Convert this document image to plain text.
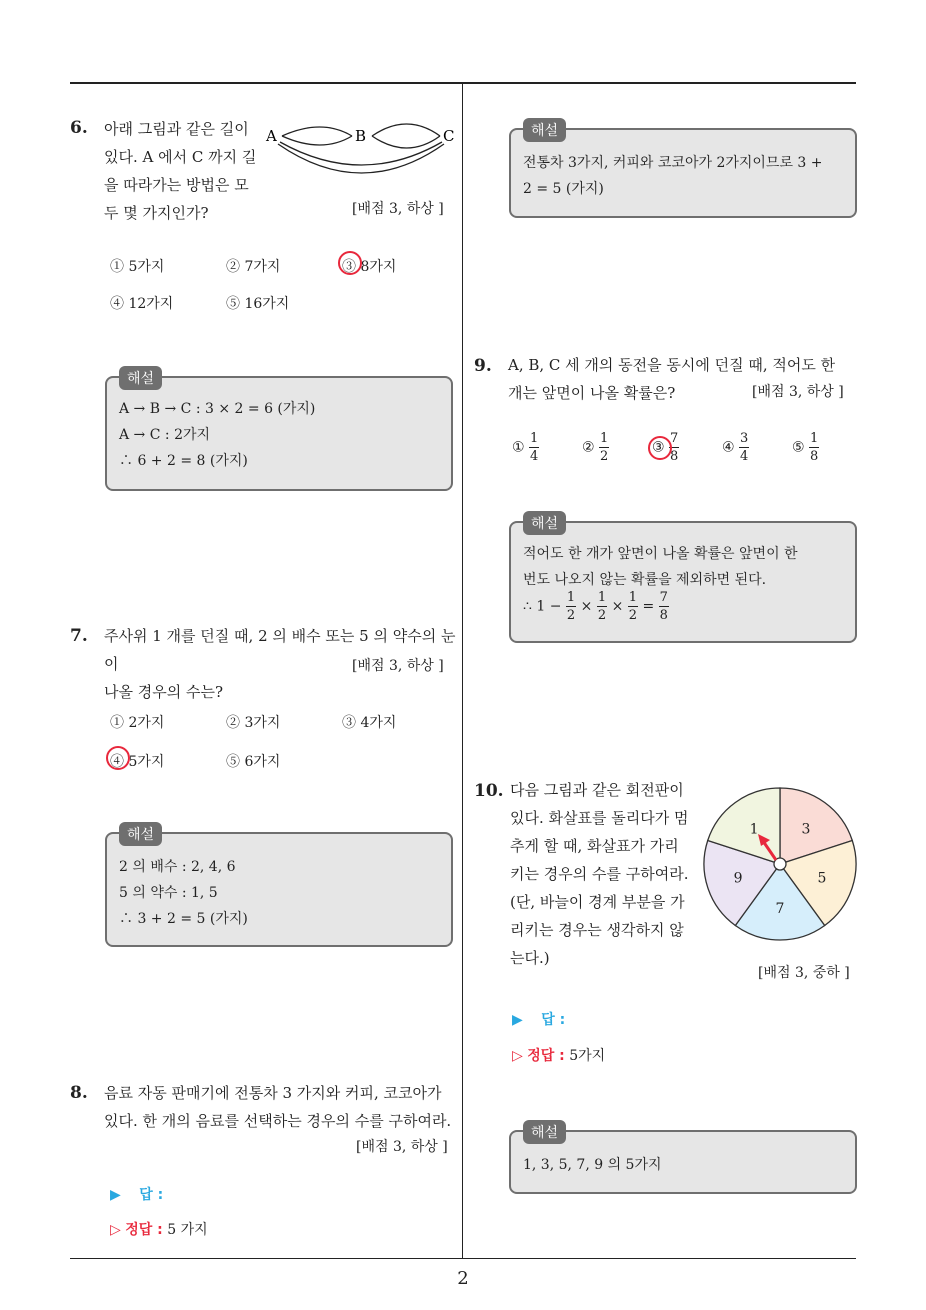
2
6. 아래 그림과 같은 길이
있다. A 에서 C 까지 길
을 따라가는 방법은 모
두 몇 가지인가?
A	B	C
[배점 3, 하상 ]
① 5가지	② 7가지	③ 8가지
④ 12가지	⑤ 16가지
해설
A → B → C : 3 × 2 = 6 (가지)
A → C : 2가지
∴ 6 + 2 = 8 (가지)
7. 주사위 1 개를 던질 때, 2 의 배수 또는 5 의 약수의 눈이
나올 경우의 수는?
[배점 3, 하상 ]
① 2가지	② 3가지	③ 4가지
④ 5가지	⑤ 6가지
해설
2 의 배수 : 2, 4, 6
5 의 약수 : 1, 5
∴ 3 + 2 = 5 (가지)
8. 음료 자동 판매기에 전통차 3 가지와 커피, 코코아가
있다. 한 개의 음료를 선택하는 경우의 수를 구하여라.
[배점 3, 하상 ]
▶ 답 :
▷ 정답 : 5 가지
해설
전통차 3가지, 커피와 코코아가 2가지이므로 3 +
2 = 5 (가지)
9. A, B, C 세 개의 동전을 동시에 던질 때, 적어도 한
개는 앞면이 나올 확률은?	[배점 3, 하상 ]
① $\frac{1}{4}$	② $\frac{1}{2}$	③ $\frac{7}{8}$	④ $\frac{3}{4}$	⑤ $\frac{1}{8}$
해설
적어도 한 개가 앞면이 나올 확률은 앞면이 한
번도 나오지 않는 확률을 제외하면 된다.
∴ $1 - \frac{1}{2} \times \frac{1}{2} \times \frac{1}{2} = \frac{7}{8}$
10. 다음 그림과 같은 회전판이
있다. 화살표를 돌리다가 멈
추게 할 때, 화살표가 가리
키는 경우의 수를 구하여라.
(단, 바늘이 경계 부분을 가
리키는 경우는 생각하지 않
는다.)
3
5
7
9
1
[배점 3, 중하 ]
▶ 답 :
▷ 정답 : 5가지
해설
1, 3, 5, 7, 9 의 5가지
